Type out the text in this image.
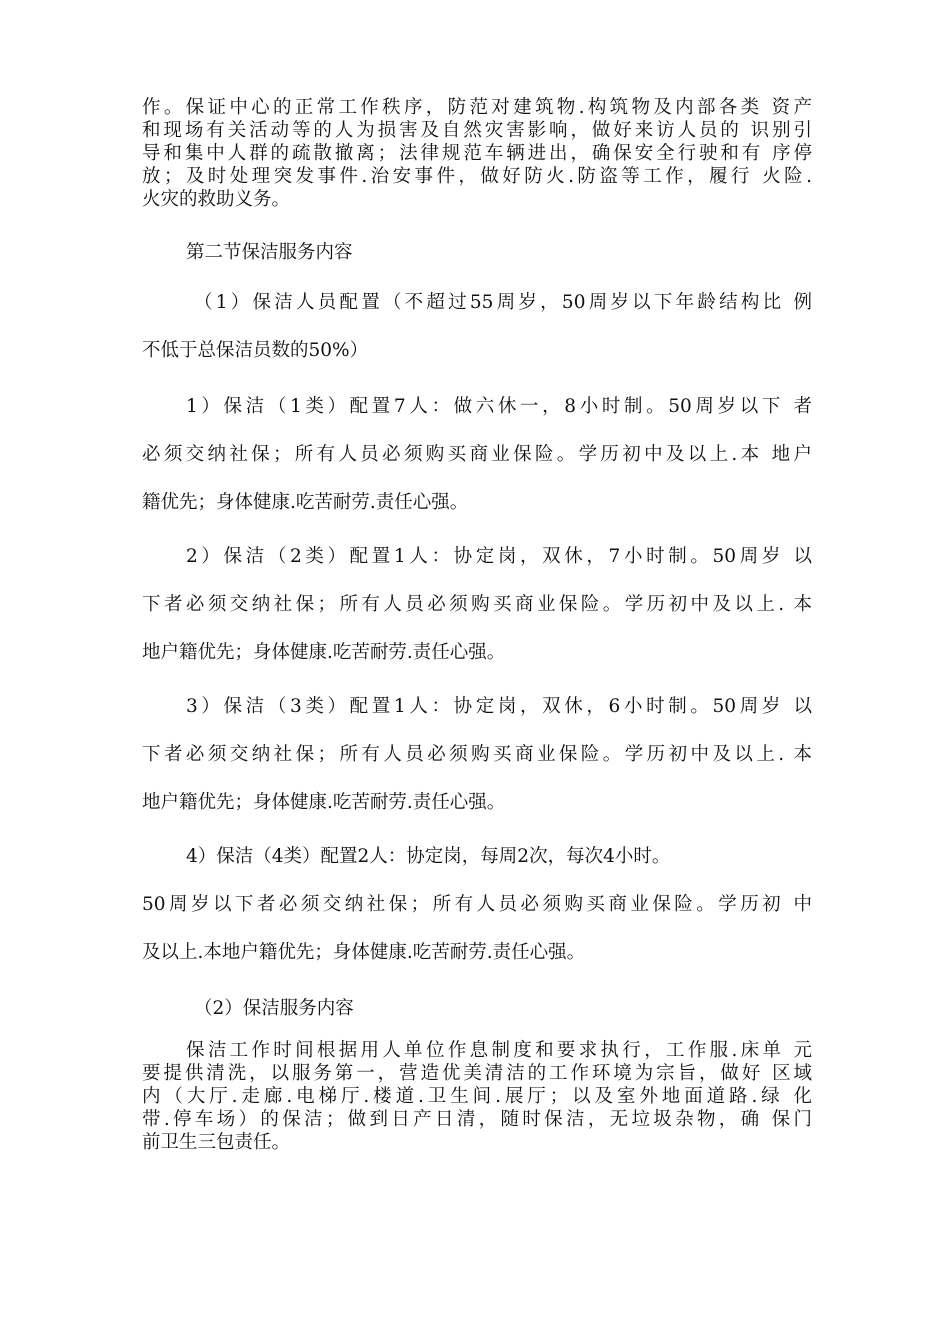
作。保证中心的正常工作秩序，防范对建筑物.构筑物及内部各类 资产
和现场有关活动等的人为损害及自然灾害影响，做好来访人员的 识别引
导和集中人群的疏散撤离；法律规范车辆进出，确保安全行驶和有 序停
放；及时处理突发事件.治安事件，做好防火.防盗等工作，履行 火险.
火灾的救助义务。
第二节保洁服务内容
（1）保洁人员配置（不超过55周岁，50周岁以下年龄结构比 例
不低于总保洁员数的50%）
1）保洁（1类）配置7人：做六休一，8小时制。50周岁以下 者
必须交纳社保；所有人员必须购买商业保险。学历初中及以上.本 地户
籍优先；身体健康.吃苦耐劳.责任心强。
2）保洁（2类）配置1人：协定岗，双休，7小时制。50周岁 以
下者必须交纳社保；所有人员必须购买商业保险。学历初中及以上. 本
地户籍优先；身体健康.吃苦耐劳.责任心强。
3）保洁（3类）配置1人：协定岗，双休，6小时制。50周岁 以
下者必须交纳社保；所有人员必须购买商业保险。学历初中及以上. 本
地户籍优先；身体健康.吃苦耐劳.责任心强。
4）保洁（4类）配置2人：协定岗，每周2次，每次4小时。
50周岁以下者必须交纳社保；所有人员必须购买商业保险。学历初 中
及以上.本地户籍优先；身体健康.吃苦耐劳.责任心强。
（2）保洁服务内容
保洁工作时间根据用人单位作息制度和要求执行，工作服.床单 元
要提供清洗，以服务第一，营造优美清洁的工作环境为宗旨，做好 区域
内（大厅.走廊.电梯厅.楼道.卫生间.展厅；以及室外地面道路.绿 化
带.停车场）的保洁；做到日产日清，随时保洁，无垃圾杂物，确 保门
前卫生三包责任。
